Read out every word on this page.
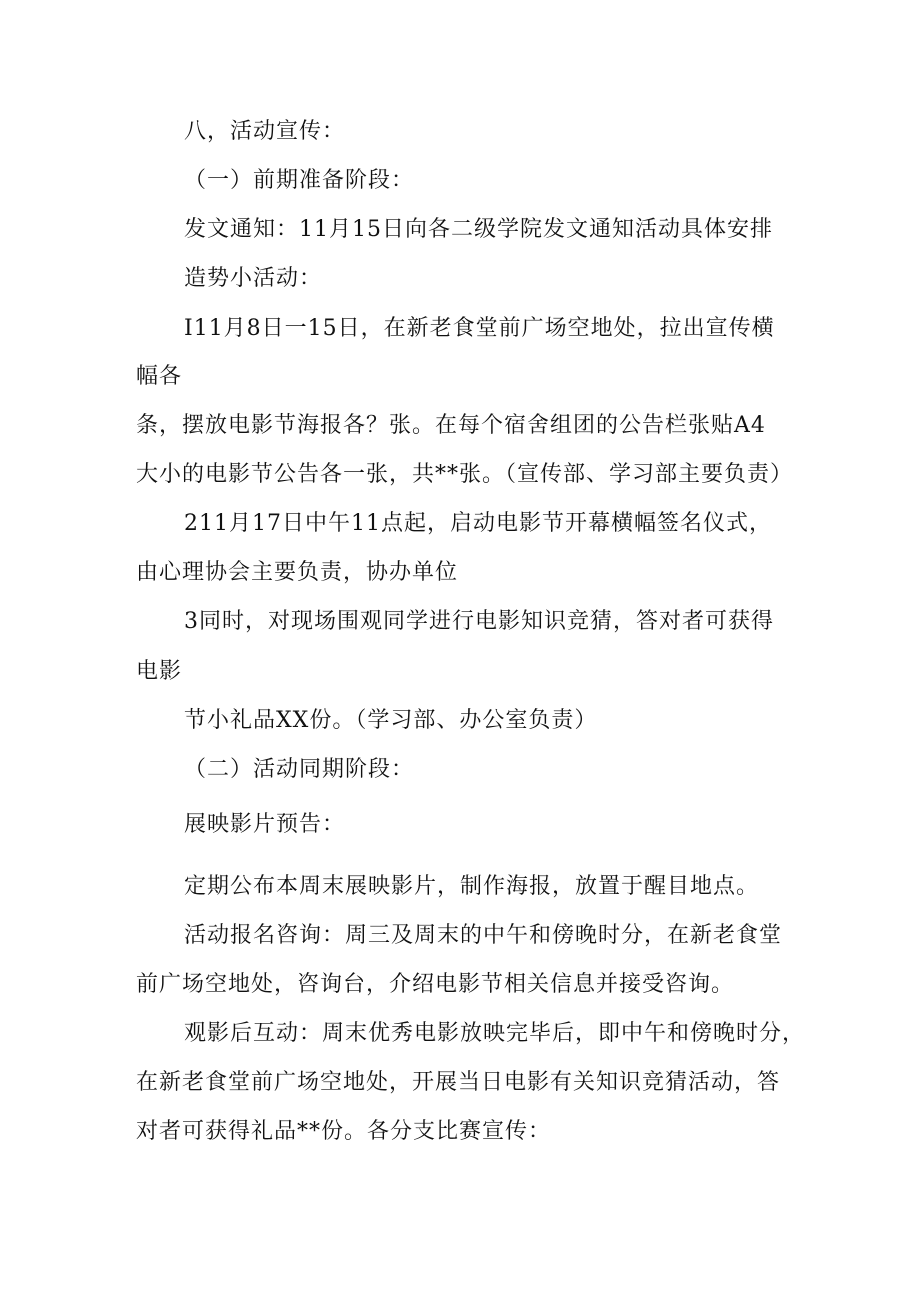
八，活动宣传：
（一）前期准备阶段：
发文通知：11月15日向各二级学院发文通知活动具体安排
造势小活动：
I11月8日一15日，在新老食堂前广场空地处，拉出宣传横
幅各
条，摆放电影节海报各？张。在每个宿舍组团的公告栏张贴A4
大小的电影节公告各一张，共**张。（宣传部、学习部主要负责）
211月17日中午11点起，启动电影节开幕横幅签名仪式，
由心理协会主要负责，协办单位
3同时，对现场围观同学进行电影知识竞猜，答对者可获得
电影
节小礼品XX份。（学习部、办公室负责）
（二）活动同期阶段：
展映影片预告：
定期公布本周末展映影片，制作海报，放置于醒目地点。
活动报名咨询：周三及周末的中午和傍晚时分，在新老食堂
前广场空地处，咨询台，介绍电影节相关信息并接受咨询。
观影后互动：周末优秀电影放映完毕后，即中午和傍晚时分，
在新老食堂前广场空地处，开展当日电影有关知识竞猜活动，答
对者可获得礼品**份。各分支比赛宣传：
